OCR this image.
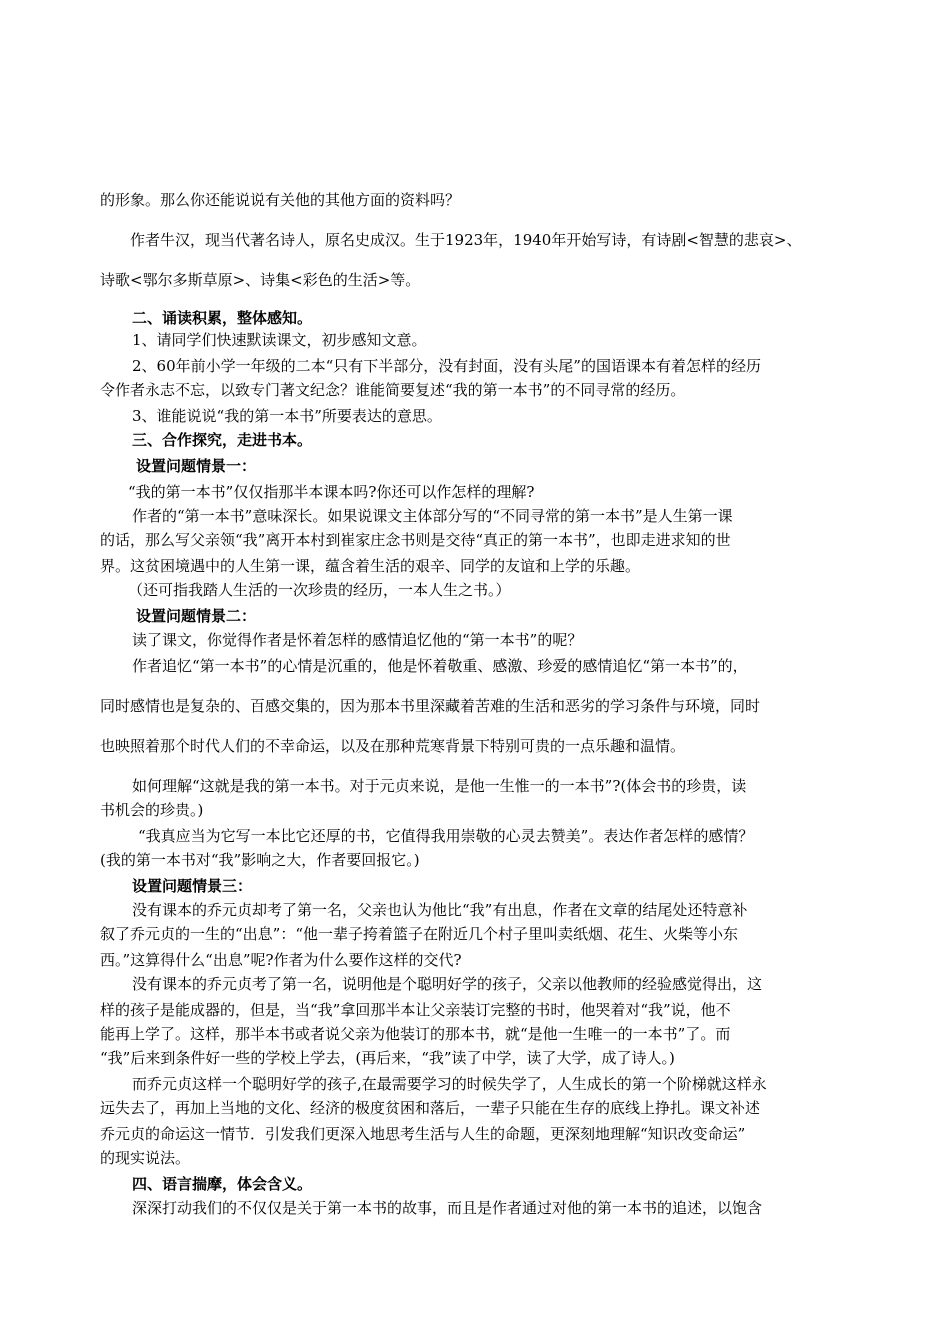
的形象。那么你还能说说有关他的其他方面的资料吗？
作者牛汉，现当代著名诗人，原名史成汉。生于1923年，1940年开始写诗，有诗剧<智慧的悲哀>、
诗歌<鄂尔多斯草原>、诗集<彩色的生活>等。
二、诵读积累，整体感知。
1、请同学们快速默读课文，初步感知文意。
2、60年前小学一年级的二本“只有下半部分，没有封面，没有头尾”的国语课本有着怎样的经历
令作者永志不忘，以致专门著文纪念？谁能简要复述“我的第一本书”的不同寻常的经历。
3、谁能说说“我的第一本书”所要表达的意思。
三、合作探究，走进书本。
设置问题情景一：
“我的第一本书”仅仅指那半本课本吗?你还可以作怎样的理解?
作者的“第一本书”意味深长。如果说课文主体部分写的“不同寻常的第一本书”是人生第一课
的话，那么写父亲领“我”离开本村到崔家庄念书则是交待“真正的第一本书”，也即走进求知的世
界。这贫困境遇中的人生第一课，蕴含着生活的艰辛、同学的友谊和上学的乐趣。
（还可指我踏人生活的一次珍贵的经历，一本人生之书。）
设置问题情景二：
读了课文，你觉得作者是怀着怎样的感情追忆他的“第一本书”的呢？
作者追忆“第一本书”的心情是沉重的，他是怀着敬重、感激、珍爱的感情追忆“第一本书”的，
同时感情也是复杂的、百感交集的，因为那本书里深藏着苦难的生活和恶劣的学习条件与环境，同时
也映照着那个时代人们的不幸命运，以及在那种荒寒背景下特别可贵的一点乐趣和温情。
如何理解“这就是我的第一本书。对于元贞来说，是他一生惟一的一本书”?(体会书的珍贵，读
书机会的珍贵。)
“我真应当为它写一本比它还厚的书，它值得我用崇敬的心灵去赞美”。表达作者怎样的感情？
(我的第一本书对“我”影响之大，作者要回报它。)
设置问题情景三：
没有课本的乔元贞却考了第一名，父亲也认为他比“我”有出息，作者在文章的结尾处还特意补
叙了乔元贞的一生的“出息”：“他一辈子挎着篮子在附近几个村子里叫卖纸烟、花生、火柴等小东
西。”这算得什么“出息”呢?作者为什么要作这样的交代?
没有课本的乔元贞考了第一名，说明他是个聪明好学的孩子，父亲以他教师的经验感觉得出，这
样的孩子是能成器的，但是，当“我”拿回那半本让父亲装订完整的书时，他哭着对“我”说，他不
能再上学了。这样，那半本书或者说父亲为他装订的那本书，就“是他一生唯一的一本书”了。而
“我”后来到条件好一些的学校上学去，(再后来，“我”读了中学，读了大学，成了诗人。)
而乔元贞这样一个聪明好学的孩子,在最需要学习的时候失学了，人生成长的第一个阶梯就这样永
远失去了，再加上当地的文化、经济的极度贫困和落后，一辈子只能在生存的底线上挣扎。课文补述
乔元贞的命运这一情节．引发我们更深入地思考生活与人生的命题，更深刻地理解“知识改变命运”
的现实说法。
四、语言揣摩，体会含义。
深深打动我们的不仅仅是关于第一本书的故事，而且是作者通过对他的第一本书的追述，以饱含
